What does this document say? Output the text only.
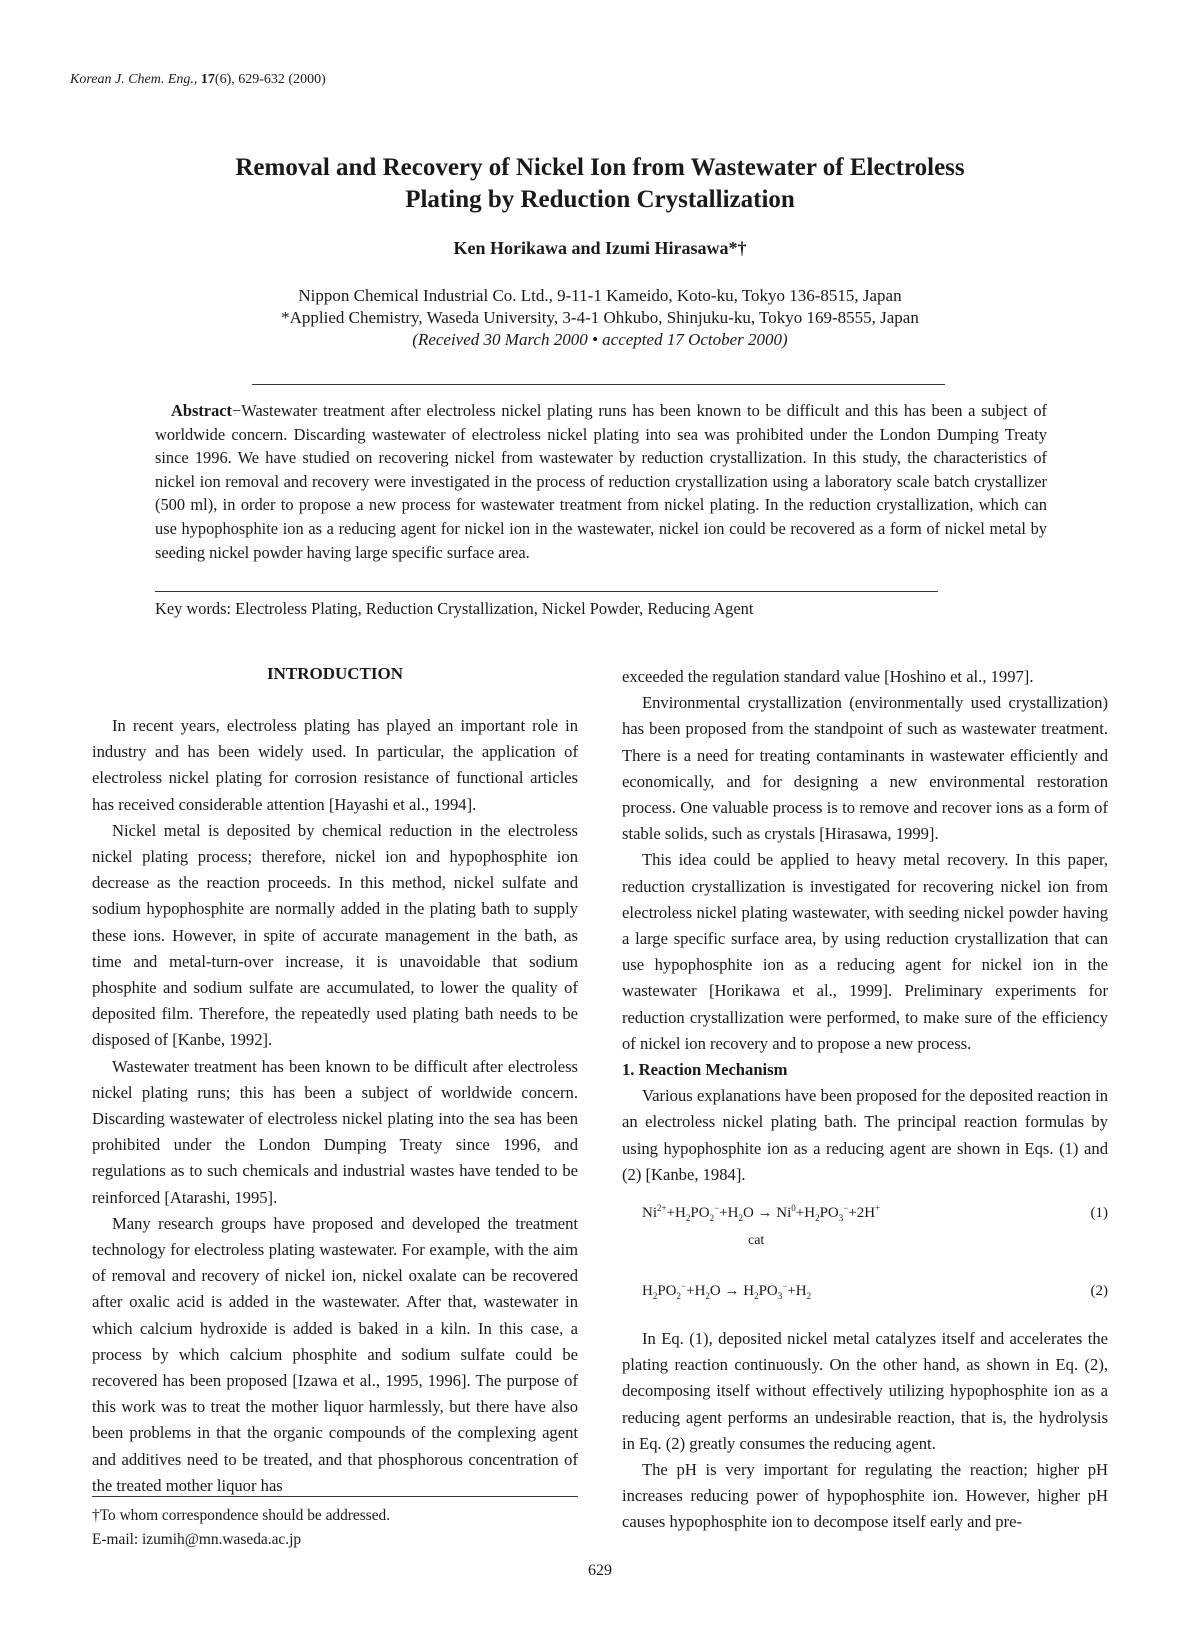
Korean J. Chem. Eng., 17(6), 629-632 (2000)
Removal and Recovery of Nickel Ion from Wastewater of Electroless
Plating by Reduction Crystallization
Ken Horikawa and Izumi Hirasawa*†
Nippon Chemical Industrial Co. Ltd., 9-11-1 Kameido, Koto-ku, Tokyo 136-8515, Japan
*Applied Chemistry, Waseda University, 3-4-1 Ohkubo, Shinjuku-ku, Tokyo 169-8555, Japan
(Received 30 March 2000 • accepted 17 October 2000)
Abstract−Wastewater treatment after electroless nickel plating runs has been known to be difficult and this has been a subject of worldwide concern. Discarding wastewater of electroless nickel plating into sea was prohibited under the London Dumping Treaty since 1996. We have studied on recovering nickel from wastewater by reduction crystallization. In this study, the characteristics of nickel ion removal and recovery were investigated in the process of reduction crystallization using a laboratory scale batch crystallizer (500 ml), in order to propose a new process for wastewater treatment from nickel plating. In the reduction crystallization, which can use hypophosphite ion as a reducing agent for nickel ion in the wastewater, nickel ion could be recovered as a form of nickel metal by seeding nickel powder having large specific surface area.
Key words: Electroless Plating, Reduction Crystallization, Nickel Powder, Reducing Agent
INTRODUCTION

In recent years, electroless plating has played an important role in industry and has been widely used. In particular, the application of electroless nickel plating for corrosion resistance of functional articles has received considerable attention [Hayashi et al., 1994].

Nickel metal is deposited by chemical reduction in the electroless nickel plating process; therefore, nickel ion and hypophosphite ion decrease as the reaction proceeds. In this method, nickel sulfate and sodium hypophosphite are normally added in the plating bath to supply these ions. However, in spite of accurate management in the bath, as time and metal-turn-over increase, it is unavoidable that sodium phosphite and sodium sulfate are accumulated, to lower the quality of deposited film. Therefore, the repeatedly used plating bath needs to be disposed of [Kanbe, 1992].

Wastewater treatment has been known to be difficult after electroless nickel plating runs; this has been a subject of worldwide concern. Discarding wastewater of electroless nickel plating into the sea has been prohibited under the London Dumping Treaty since 1996, and regulations as to such chemicals and industrial wastes have tended to be reinforced [Atarashi, 1995].

Many research groups have proposed and developed the treatment technology for electroless plating wastewater. For example, with the aim of removal and recovery of nickel ion, nickel oxalate can be recovered after oxalic acid is added in the wastewater. After that, wastewater in which calcium hydroxide is added is baked in a kiln. In this case, a process by which calcium phosphite and sodium sulfate could be recovered has been proposed [Izawa et al., 1995, 1996]. The purpose of this work was to treat the mother liquor harmlessly, but there have also been problems in that the organic compounds of the complexing agent and additives need to be treated, and that phosphorous concentration of the treated mother liquor has

exceeded the regulation standard value [Hoshino et al., 1997].

Environmental crystallization (environmentally used crystallization) has been proposed from the standpoint of such as wastewater treatment. There is a need for treating contaminants in wastewater efficiently and economically, and for designing a new environmental restoration process. One valuable process is to remove and recover ions as a form of stable solids, such as crystals [Hirasawa, 1999].

This idea could be applied to heavy metal recovery. In this paper, reduction crystallization is investigated for recovering nickel ion from electroless nickel plating wastewater, with seeding nickel powder having a large specific surface area, by using reduction crystallization that can use hypophosphite ion as a reducing agent for nickel ion in the wastewater [Horikawa et al., 1999]. Preliminary experiments for reduction crystallization were performed, to make sure of the efficiency of nickel ion recovery and to propose a new process.

1. Reaction Mechanism

Various explanations have been proposed for the deposited reaction in an electroless nickel plating bath. The principal reaction formulas by using hypophosphite ion as a reducing agent are shown in Eqs. (1) and (2) [Kanbe, 1984].

$Ni^{2+}+H_2PO_2^-+H_2O \to Ni^0+H_2PO_3^-+2H^+$	(1)
cat
$H_2PO_2^-+H_2O \to H_2PO_3^-+H_2$	(2)

In Eq. (1), deposited nickel metal catalyzes itself and accelerates the plating reaction continuously. On the other hand, as shown in Eq. (2), decomposing itself without effectively utilizing hypophosphite ion as a reducing agent performs an undesirable reaction, that is, the hydrolysis in Eq. (2) greatly consumes the reducing agent.

The pH is very important for regulating the reaction; higher pH increases reducing power of hypophosphite ion. However, higher pH causes hypophosphite ion to decompose itself early and pre-

†To whom correspondence should be addressed.
E-mail: izumih@mn.waseda.ac.jp
629
